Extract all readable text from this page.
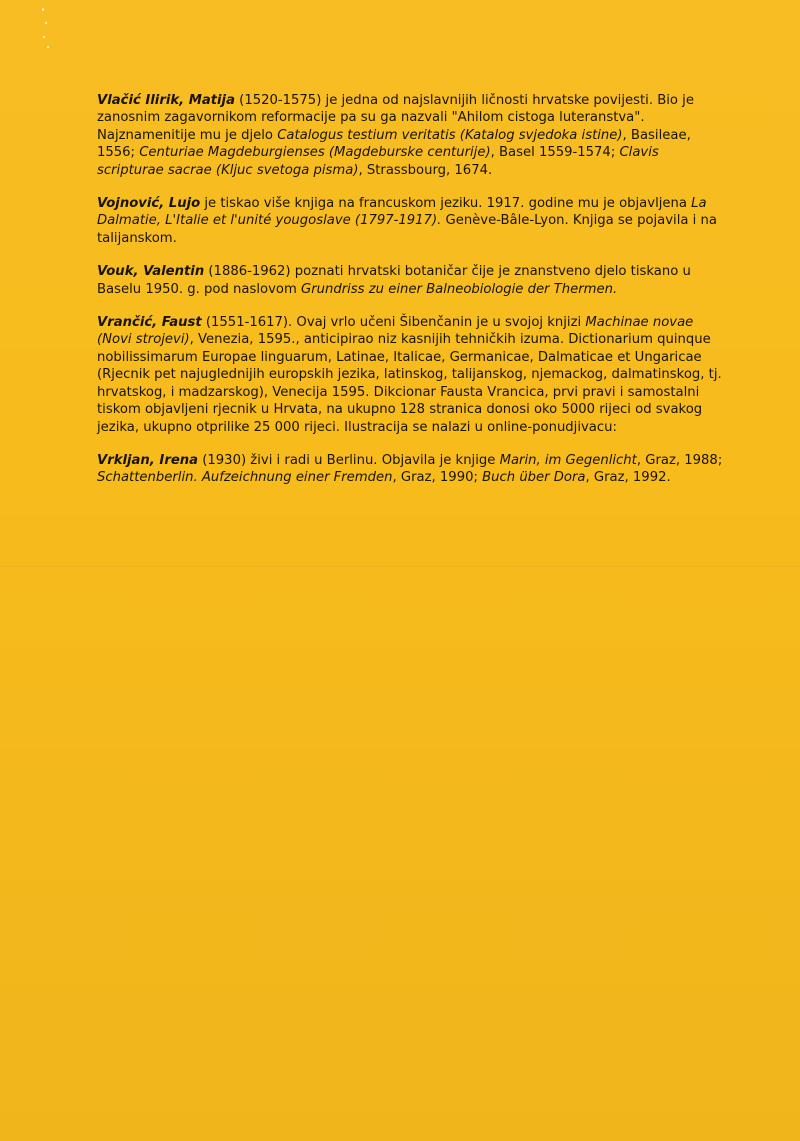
Vlačić Ilirik, Matija (1520-1575) je jedna od najslavnijih ličnosti hrvatske povijesti. Bio je zanosnim zagavornikom reformacije pa su ga nazvali "Ahilom cistoga luteranstva". Najznamenitije mu je djelo Catalogus testium veritatis (Katalog svjedoka istine), Basileae, 1556; Centuriae Magdeburgienses (Magdeburske centurije), Basel 1559-1574; Clavis scripturae sacrae (Kljuc svetoga pisma), Strassbourg, 1674.

Vojnović, Lujo je tiskao više knjiga na francuskom jeziku. 1917. godine mu je objavljena La Dalmatie, L'Italie et l'unité yougoslave (1797-1917). Genève-Bâle-Lyon. Knjiga se pojavila i na talijanskom.

Vouk, Valentin (1886-1962) poznati hrvatski botaničar čije je znanstveno djelo tiskano u Baselu 1950. g. pod naslovom Grundriss zu einer Balneobiologie der Thermen.

Vrančić, Faust (1551-1617). Ovaj vrlo učeni Šibenčanin je u svojoj knjizi Machinae novae (Novi strojevi), Venezia, 1595., anticipirao niz kasnijih tehničkih izuma. Dictionarium quinque nobilissimarum Europae linguarum, Latinae, Italicae, Germanicae, Dalmaticae et Ungaricae (Rjecnik pet najuglednijih europskih jezika, latinskog, talijanskog, njemackog, dalmatinskog, tj. hrvatskog, i madzarskog), Venecija 1595. Dikcionar Fausta Vrancica, prvi pravi i samostalni tiskom objavljeni rjecnik u Hrvata, na ukupno 128 stranica donosi oko 5000 rijeci od svakog jezika, ukupno otprilike 25 000 rijeci. Ilustracija se nalazi u online-ponudjivacu:

Vrkljan, Irena (1930) živi i radi u Berlinu. Objavila je knjige Marin, im Gegenlicht, Graz, 1988; Schattenberlin. Aufzeichnung einer Fremden, Graz, 1990; Buch über Dora, Graz, 1992.
